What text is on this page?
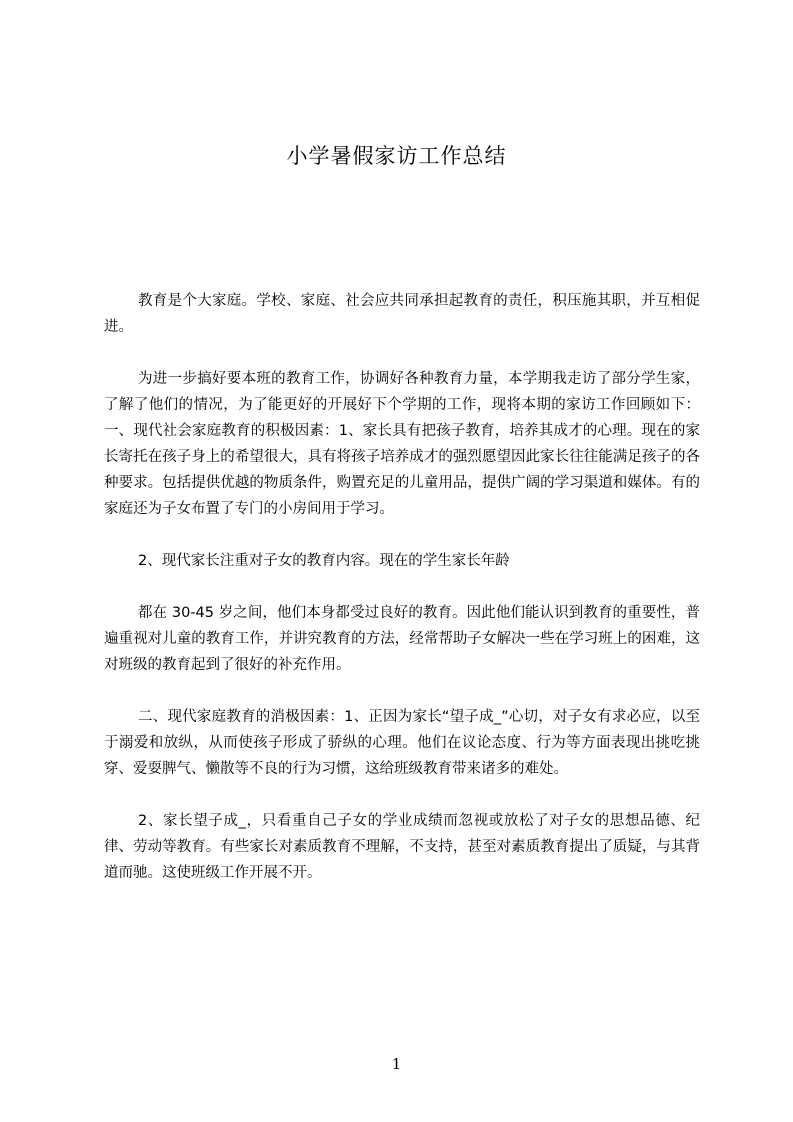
小学暑假家访工作总结

教育是个大家庭。学校、家庭、社会应共同承担起教育的责任，积压施其职，并互相促进。

为进一步搞好要本班的教育工作，协调好各种教育力量，本学期我走访了部分学生家，了解了他们的情况，为了能更好的开展好下个学期的工作，现将本期的家访工作回顾如下：一、现代社会家庭教育的积极因素：1、家长具有把孩子教育，培养其成才的心理。现在的家长寄托在孩子身上的希望很大，具有将孩子培养成才的强烈愿望因此家长往往能满足孩子的各种要求。包括提供优越的物质条件，购置充足的儿童用品，提供广阔的学习渠道和媒体。有的家庭还为子女布置了专门的小房间用于学习。

2、现代家长注重对子女的教育内容。现在的学生家长年龄

都在 30-45 岁之间，他们本身都受过良好的教育。因此他们能认识到教育的重要性，普遍重视对儿童的教育工作，并讲究教育的方法，经常帮助子女解决一些在学习班上的困难，这对班级的教育起到了很好的补充作用。

二、现代家庭教育的消极因素：1、正因为家长“望子成_”心切，对子女有求必应，以至于溺爱和放纵，从而使孩子形成了骄纵的心理。他们在议论态度、行为等方面表现出挑吃挑穿、爱耍脾气、懒散等不良的行为习惯，这给班级教育带来诸多的难处。

2、家长望子成_，只看重自己子女的学业成绩而忽视或放松了对子女的思想品德、纪律、劳动等教育。有些家长对素质教育不理解，不支持，甚至对素质教育提出了质疑，与其背道而驰。这使班级工作开展不开。

1
